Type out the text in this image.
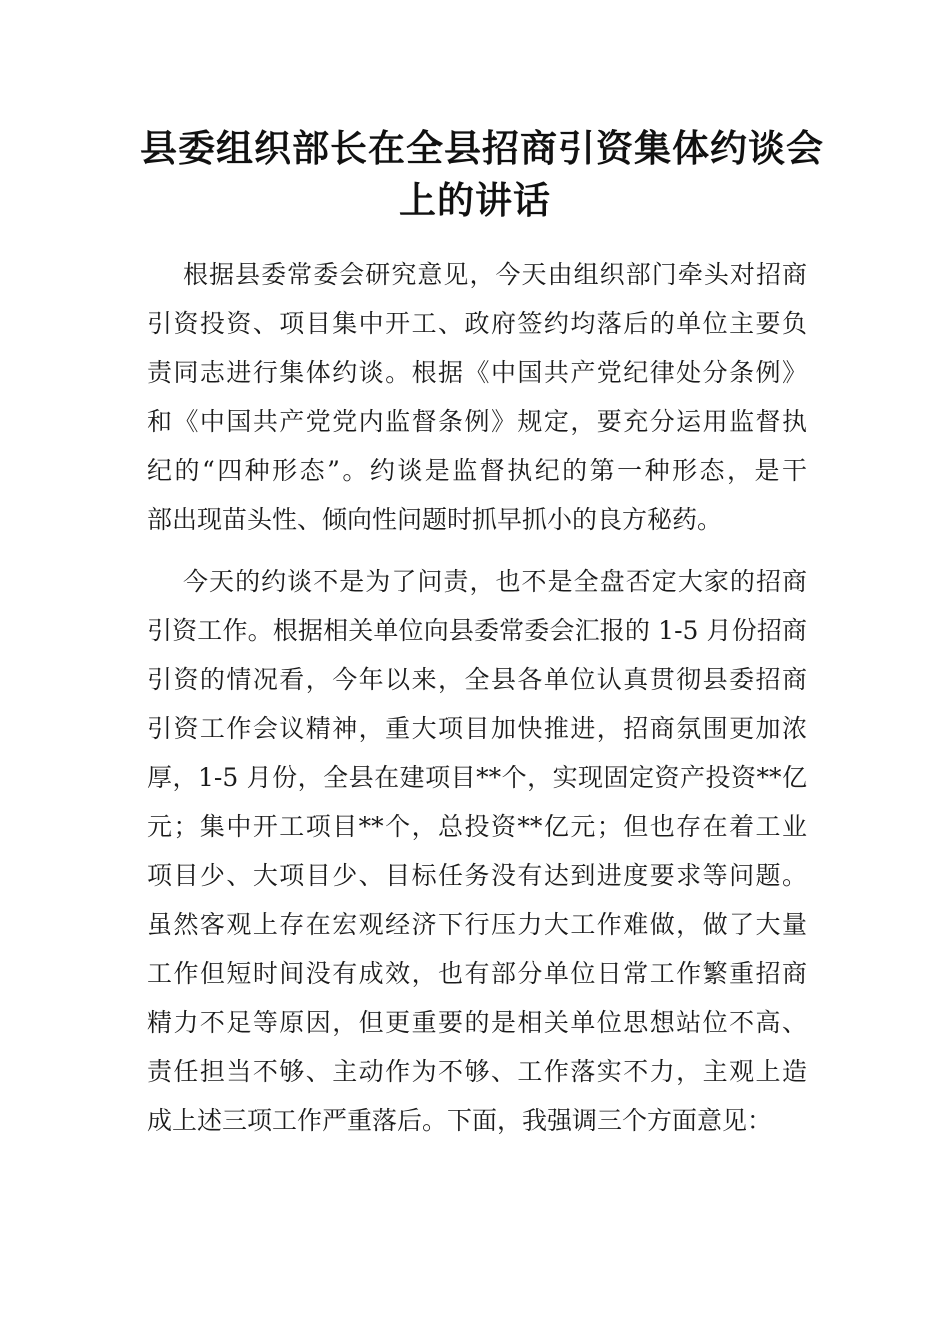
县委组织部长在全县招商引资集体约谈会
上的讲话
根据县委常委会研究意见，今天由组织部门牵头对招商
引资投资、项目集中开工、政府签约均落后的单位主要负
责同志进行集体约谈。根据《中国共产党纪律处分条例》
和《中国共产党党内监督条例》规定，要充分运用监督执
纪的“四种形态”。约谈是监督执纪的第一种形态，是干
部出现苗头性、倾向性问题时抓早抓小的良方秘药。
今天的约谈不是为了问责，也不是全盘否定大家的招商
引资工作。根据相关单位向县委常委会汇报的 1-5 月份招商
引资的情况看，今年以来，全县各单位认真贯彻县委招商
引资工作会议精神，重大项目加快推进，招商氛围更加浓
厚，1-5 月份，全县在建项目**个，实现固定资产投资**亿
元；集中开工项目**个，总投资**亿元；但也存在着工业
项目少、大项目少、目标任务没有达到进度要求等问题。
虽然客观上存在宏观经济下行压力大工作难做，做了大量
工作但短时间没有成效，也有部分单位日常工作繁重招商
精力不足等原因，但更重要的是相关单位思想站位不高、
责任担当不够、主动作为不够、工作落实不力，主观上造
成上述三项工作严重落后。下面，我强调三个方面意见：
